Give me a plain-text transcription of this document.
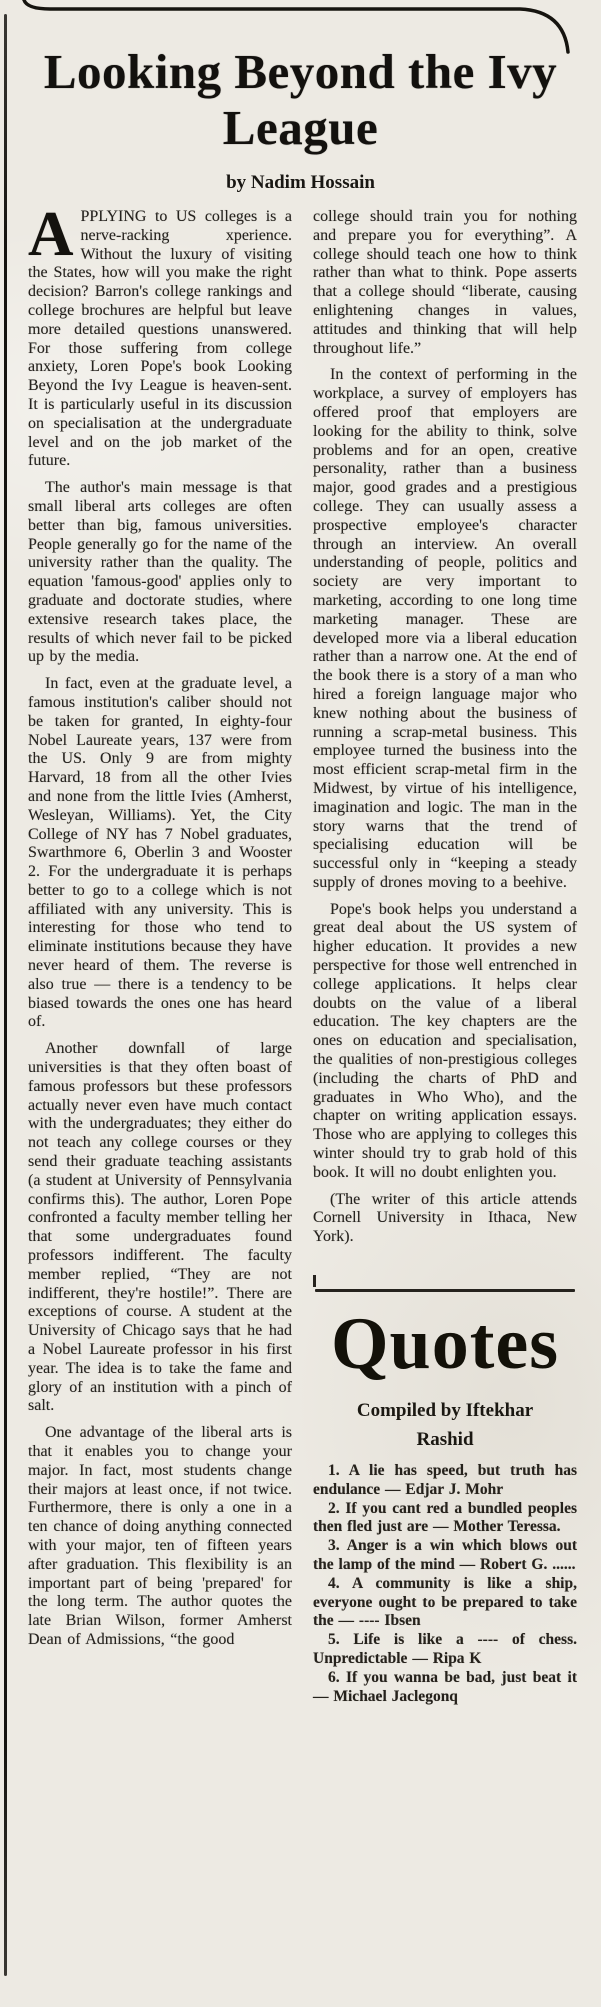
Looking Beyond the Ivy League
by Nadim Hossain

APPLYING to US colleges is a nerve-racking xperience. Without the luxury of visiting the States, how will you make the right decision? Barron's college rankings and college brochures are helpful but leave more detailed questions unanswered. For those suffering from college anxiety, Loren Pope's book Looking Beyond the Ivy League is heaven-sent. It is particularly useful in its discussion on specialisation at the undergraduate level and on the job market of the future.

The author's main message is that small liberal arts colleges are often better than big, famous universities. People generally go for the name of the university rather than the quality. The equation 'famous-good' applies only to graduate and doctorate studies, where extensive research takes place, the results of which never fail to be picked up by the media.

In fact, even at the graduate level, a famous institution's caliber should not be taken for granted, In eighty-four Nobel Laureate years, 137 were from the US. Only 9 are from mighty Harvard, 18 from all the other Ivies and none from the little Ivies (Amherst, Wesleyan, Williams). Yet, the City College of NY has 7 Nobel graduates, Swarthmore 6, Oberlin 3 and Wooster 2. For the undergraduate it is perhaps better to go to a college which is not affiliated with any university. This is interesting for those who tend to eliminate institutions because they have never heard of them. The reverse is also true — there is a tendency to be biased towards the ones one has heard of.

Another downfall of large universities is that they often boast of famous professors but these professors actually never even have much contact with the undergraduates; they either do not teach any college courses or they send their graduate teaching assistants (a student at University of Pennsylvania confirms this). The author, Loren Pope confronted a faculty member telling her that some undergraduates found professors indifferent. The faculty member replied, “They are not indifferent, they're hostile!”. There are exceptions of course. A student at the University of Chicago says that he had a Nobel Laureate professor in his first year. The idea is to take the fame and glory of an institution with a pinch of salt.

One advantage of the liberal arts is that it enables you to change your major. In fact, most students change their majors at least once, if not twice. Furthermore, there is only a one in a ten chance of doing anything connected with your major, ten of fifteen years after graduation. This flexibility is an important part of being 'prepared' for the long term. The author quotes the late Brian Wilson, former Amherst Dean of Admissions, “the good

college should train you for nothing and prepare you for everything”. A college should teach one how to think rather than what to think. Pope asserts that a college should “liberate, causing enlightening changes in values, attitudes and thinking that will help throughout life.”

In the context of performing in the workplace, a survey of employers has offered proof that employers are looking for the ability to think, solve problems and for an open, creative personality, rather than a business major, good grades and a prestigious college. They can usually assess a prospective employee's character through an interview. An overall understanding of people, politics and society are very important to marketing, according to one long time marketing manager. These are developed more via a liberal education rather than a narrow one. At the end of the book there is a story of a man who hired a foreign language major who knew nothing about the business of running a scrap-metal business. This employee turned the business into the most efficient scrap-metal firm in the Midwest, by virtue of his intelligence, imagination and logic. The man in the story warns that the trend of specialising education will be successful only in “keeping a steady supply of drones moving to a beehive.

Pope's book helps you understand a great deal about the US system of higher education. It provides a new perspective for those well entrenched in college applications. It helps clear doubts on the value of a liberal education. The key chapters are the ones on education and specialisation, the qualities of non-prestigious colleges (including the charts of PhD and graduates in Who Who), and the chapter on writing application essays. Those who are applying to colleges this winter should try to grab hold of this book. It will no doubt enlighten you.

(The writer of this article attends Cornell University in Ithaca, New York).

Quotes
Compiled by Iftekhar Rashid

1. A lie has speed, but truth has endulance — Edjar J. Mohr

2. If you cant red a bundled peoples then fled just are — Mother Teressa.

3. Anger is a win which blows out the lamp of the mind — Robert G. ......

4. A community is like a ship, everyone ought to be prepared to take the — ---- Ibsen

5. Life is like a ---- of chess. Unpredictable — Ripa K

6. If you wanna be bad, just beat it — Michael Jaclegonq
